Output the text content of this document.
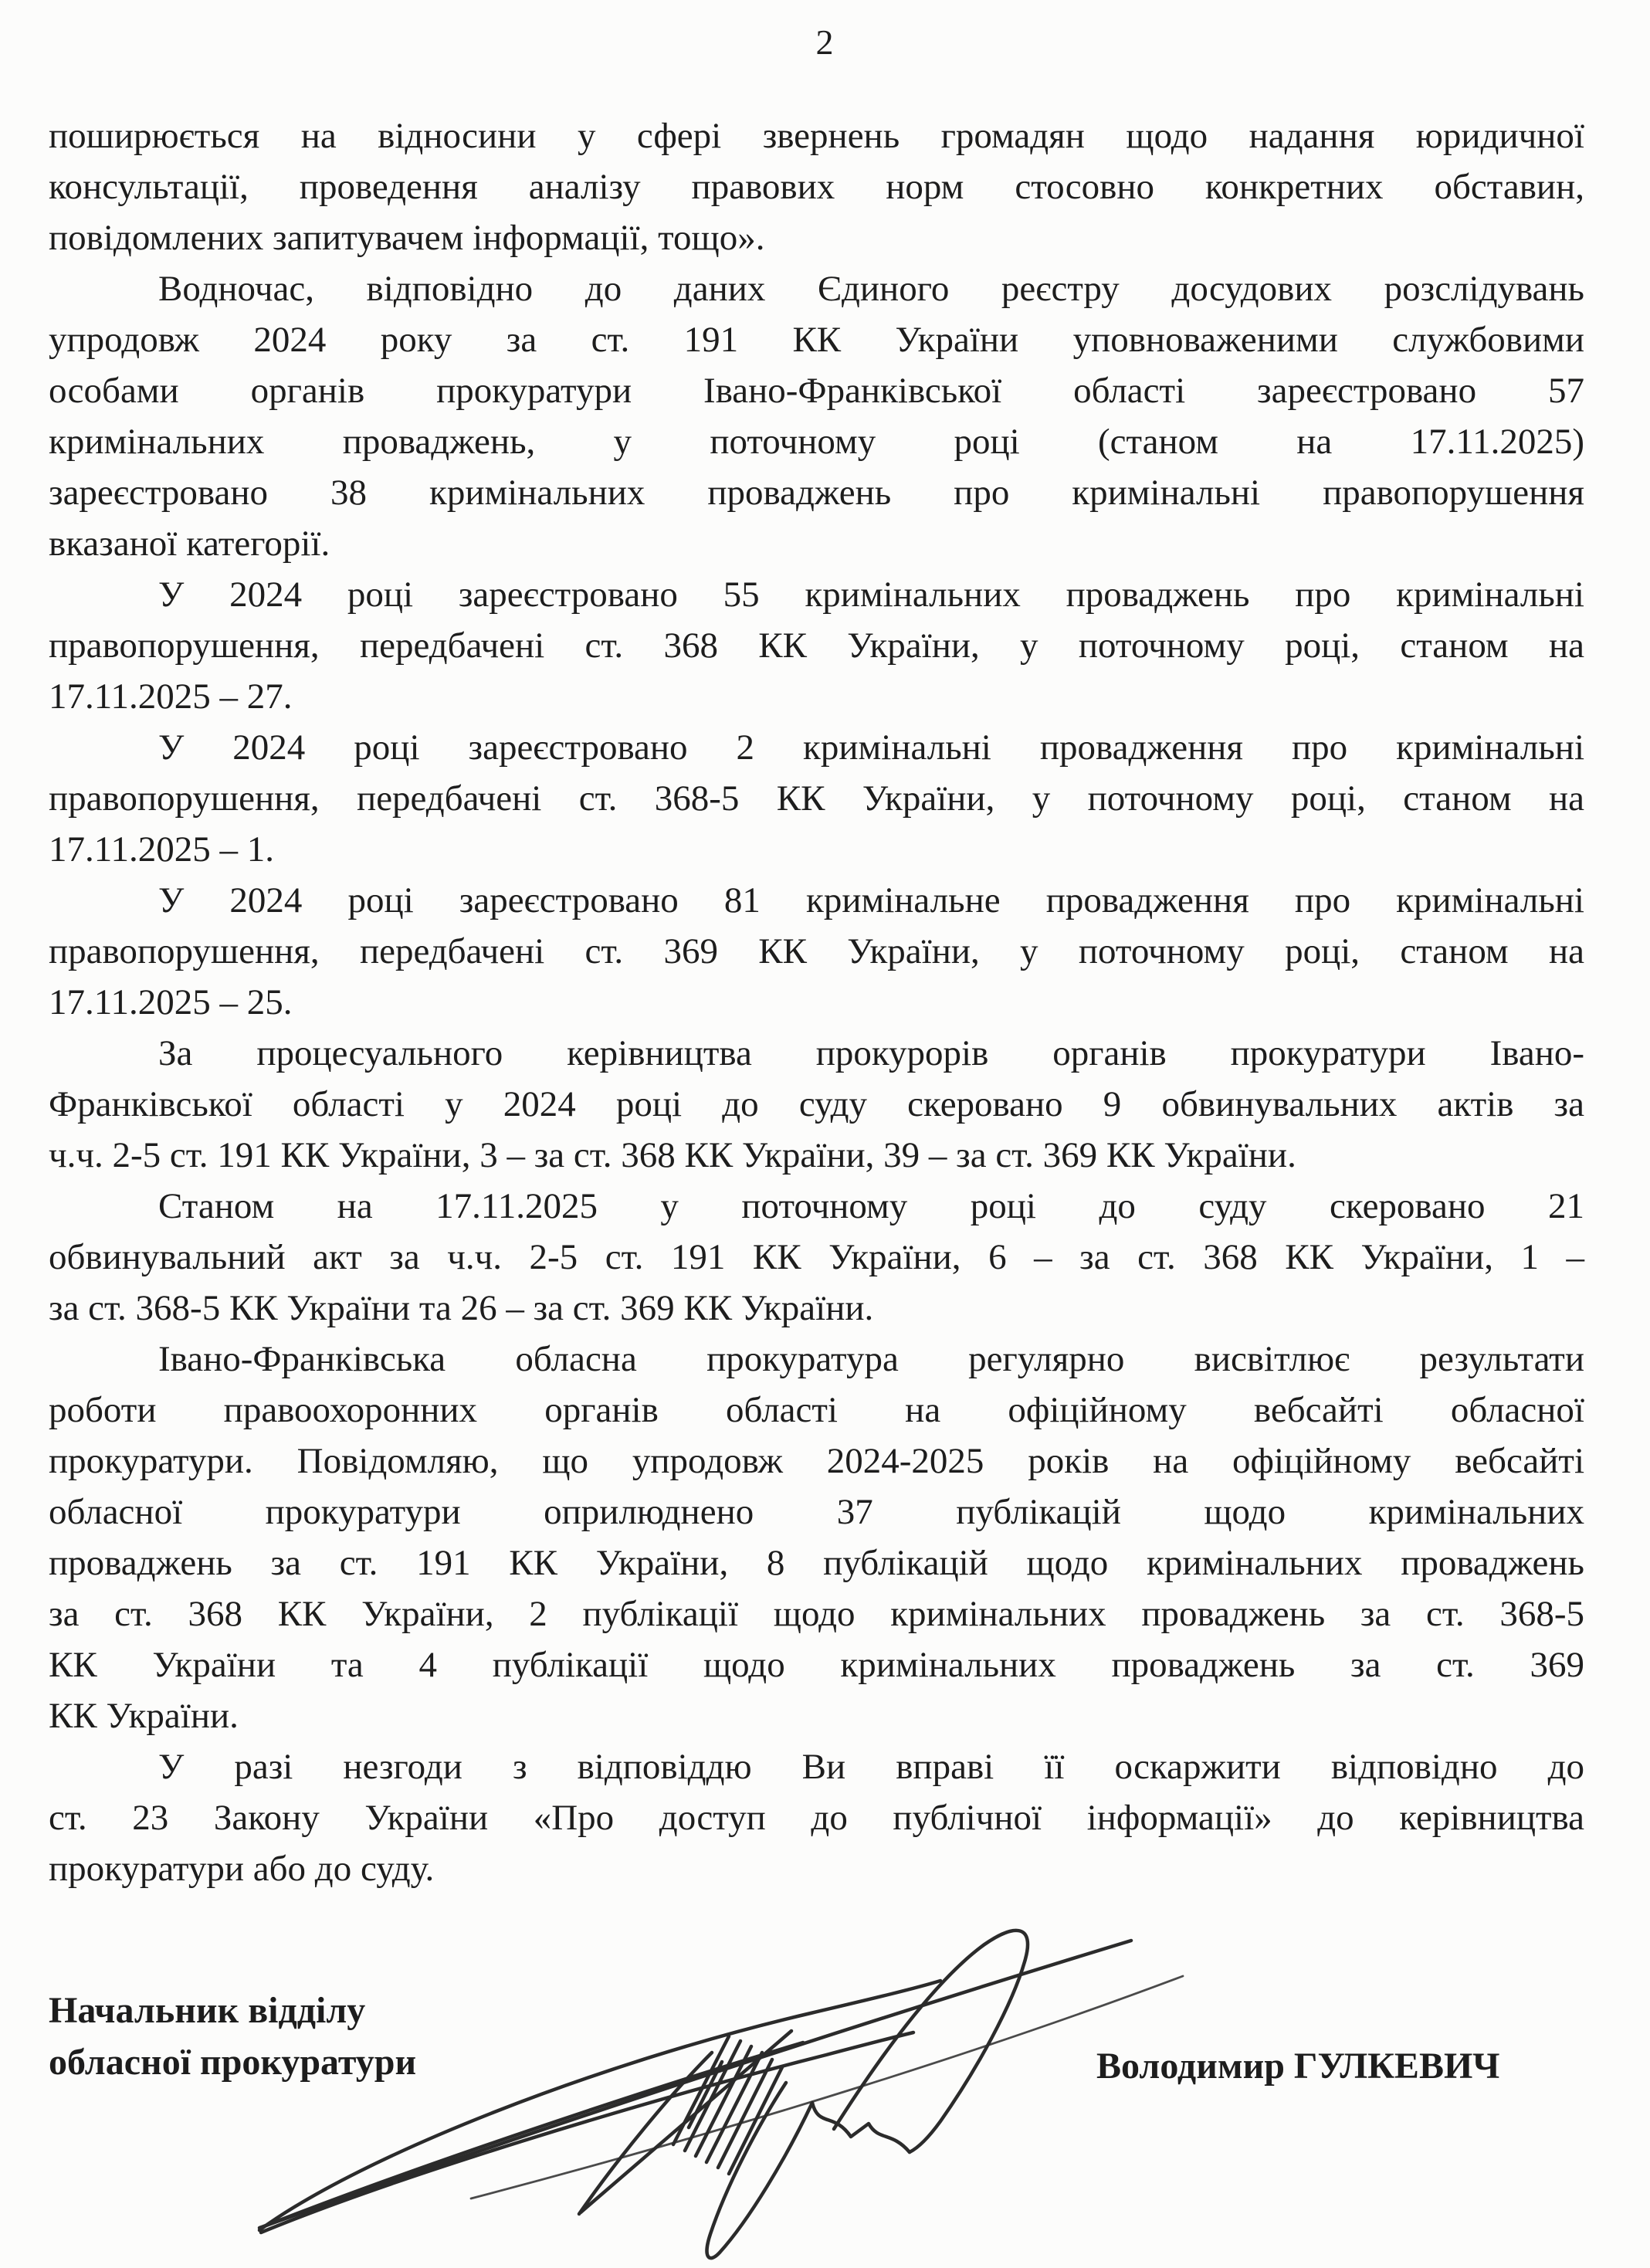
2
поширюється на відносини у сфері звернень громадян щодо надання юридичної
консультації, проведення аналізу правових норм стосовно конкретних обставин,
повідомлених запитувачем інформації, тощо».
Водночас, відповідно до даних Єдиного реєстру досудових розслідувань
упродовж 2024 року за ст. 191 КК України уповноваженими службовими
особами органів прокуратури Івано-Франківської області зареєстровано 57
кримінальних проваджень, у поточному році (станом на 17.11.2025)
зареєстровано 38 кримінальних проваджень про кримінальні правопорушення
вказаної категорії.
У 2024 році зареєстровано 55 кримінальних проваджень про кримінальні
правопорушення, передбачені ст. 368 КК України, у поточному році, станом на
17.11.2025 – 27.
У 2024 році зареєстровано 2 кримінальні провадження про кримінальні
правопорушення, передбачені ст. 368-5 КК України, у поточному році, станом на
17.11.2025 – 1.
У 2024 році зареєстровано 81 кримінальне провадження про кримінальні
правопорушення, передбачені ст. 369 КК України, у поточному році, станом на
17.11.2025 – 25.
За процесуального керівництва прокурорів органів прокуратури Івано-
Франківської області у 2024 році до суду скеровано 9 обвинувальних актів за
ч.ч. 2-5 ст. 191 КК України, 3 – за ст. 368 КК України, 39 – за ст. 369 КК України.
Станом на 17.11.2025 у поточному році до суду скеровано 21
обвинувальний акт за ч.ч. 2-5 ст. 191 КК України, 6 – за ст. 368 КК України, 1 –
за ст. 368-5 КК України та 26 – за ст. 369 КК України.
Івано-Франківська обласна прокуратура регулярно висвітлює результати
роботи правоохоронних органів області на офіційному вебсайті обласної
прокуратури. Повідомляю, що упродовж 2024-2025 років на офіційному вебсайті
обласної прокуратури оприлюднено 37 публікацій щодо кримінальних
проваджень за ст. 191 КК України, 8 публікацій щодо кримінальних проваджень
за ст. 368 КК України, 2 публікації щодо кримінальних проваджень за ст. 368-5
КК України та 4 публікації щодо кримінальних проваджень за ст. 369
КК України.
У разі незгоди з відповіддю Ви вправі її оскаржити відповідно до
ст. 23 Закону України «Про доступ до публічної інформації» до керівництва
прокуратури або до суду.
Начальник відділу
обласної прокуратури	Володимир ГУЛКЕВИЧ
